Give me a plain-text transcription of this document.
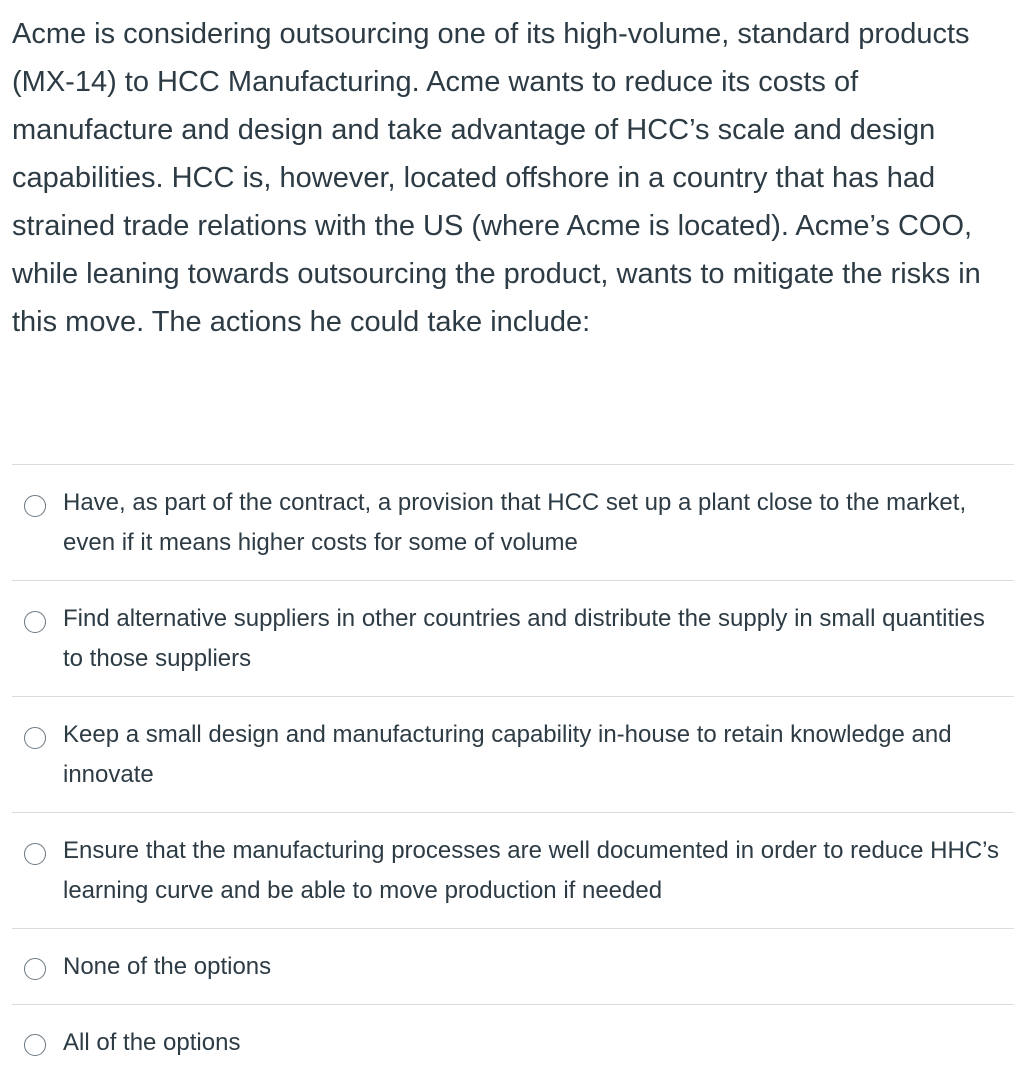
Acme is considering outsourcing one of its high-volume, standard products (MX-14) to HCC Manufacturing. Acme wants to reduce its costs of manufacture and design and take advantage of HCC’s scale and design capabilities. HCC is, however, located offshore in a country that has had strained trade relations with the US (where Acme is located). Acme’s COO, while leaning towards outsourcing the product, wants to mitigate the risks in this move. The actions he could take include:

Have, as part of the contract, a provision that HCC set up a plant close to the market, even if it means higher costs for some of volume
Find alternative suppliers in other countries and distribute the supply in small quantities to those suppliers
Keep a small design and manufacturing capability in-house to retain knowledge and innovate
Ensure that the manufacturing processes are well documented in order to reduce HHC’s learning curve and be able to move production if needed
None of the options
All of the options
